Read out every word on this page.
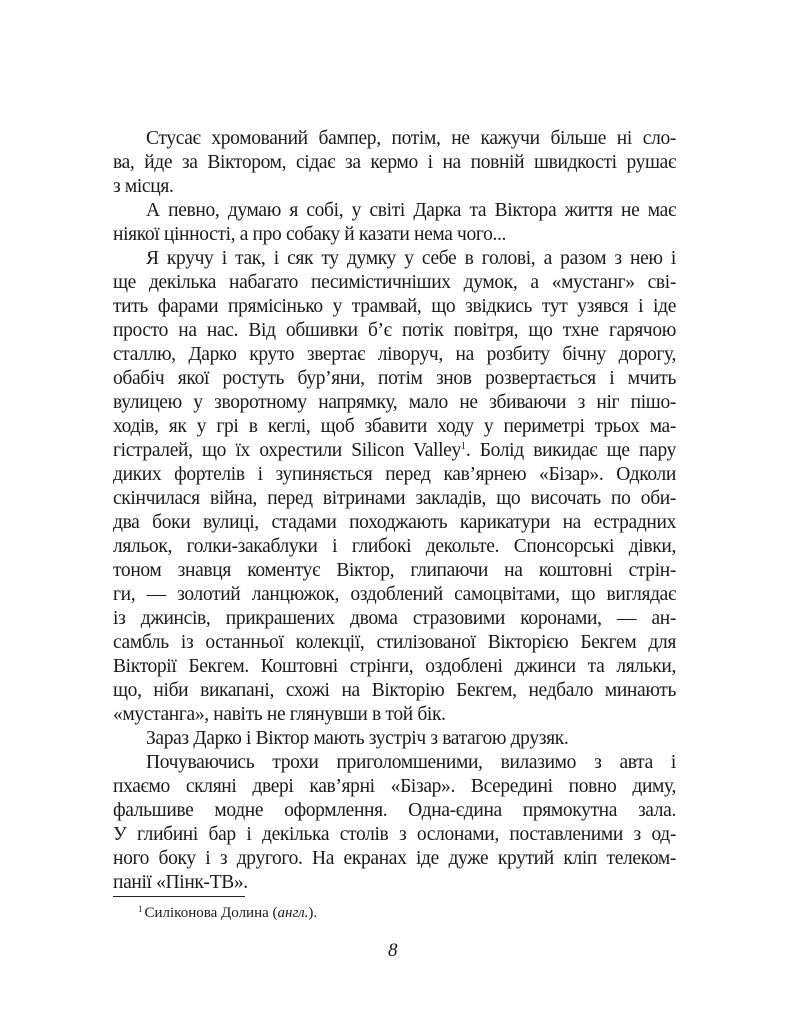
Стусає хромований бампер, потім, не кажучи більше ні сло-
ва, йде за Віктором, сідає за кермо і на повній швидкості рушає
з місця.
А певно, думаю я собі, у світі Дарка та Віктора життя не має
ніякої цінності, а про собаку й казати нема чого...
Я кручу і так, і сяк ту думку у себе в голові, а разом з нею і
ще декілька набагато песимістичніших думок, а «мустанг» сві-
тить фарами прямісінько у трамвай, що звідкись тут узявся і іде
просто на нас. Від обшивки б’є потік повітря, що тхне гарячою
сталлю, Дарко круто звертає ліворуч, на розбиту бічну дорогу,
обабіч якої ростуть бур’яни, потім знов розвертається і мчить
вулицею у зворотному напрямку, мало не збиваючи з ніг пішо-
ходів, як у грі в кеглі, щоб збавити ходу у периметрі трьох ма-
гістралей, що їх охрестили Silicon Valley$^1$. Болід викидає ще пару
диких фортелів і зупиняється перед кав’ярнею «Бізар». Одколи
скінчилася війна, перед вітринами закладів, що височать по оби-
два боки вулиці, стадами походжають карикатури на естрадних
ляльок, голки-закаблуки і глибокі декольте. Спонсорські дівки,
тоном знавця коментує Віктор, глипаючи на коштовні стрін-
ги, — золотий ланцюжок, оздоблений самоцвітами, що виглядає
із джинсів, прикрашених двома стразовими коронами, — ан-
самбль із останньої колекції, стилізованої Вікторією Бекгем для
Вікторії Бекгем. Коштовні стрінги, оздоблені джинси та ляльки,
що, ніби викапані, схожі на Вікторію Бекгем, недбало минають
«мустанга», навіть не глянувши в той бік.
Зараз Дарко і Віктор мають зустріч з ватагою друзяк.
Почуваючись трохи приголомшеними, вилазимо з авта і
пхаємо скляні двері кав’ярні «Бізар». Всередині повно диму,
фальшиве модне оформлення. Одна-єдина прямокутна зала.
У глибині бар і декілька столів з ослонами, поставленими з од-
ного боку і з другого. На екранах іде дуже крутий кліп телеком-
панії «Пінк-ТВ».
$^1$ Силіконова Долина (англ.).
8
